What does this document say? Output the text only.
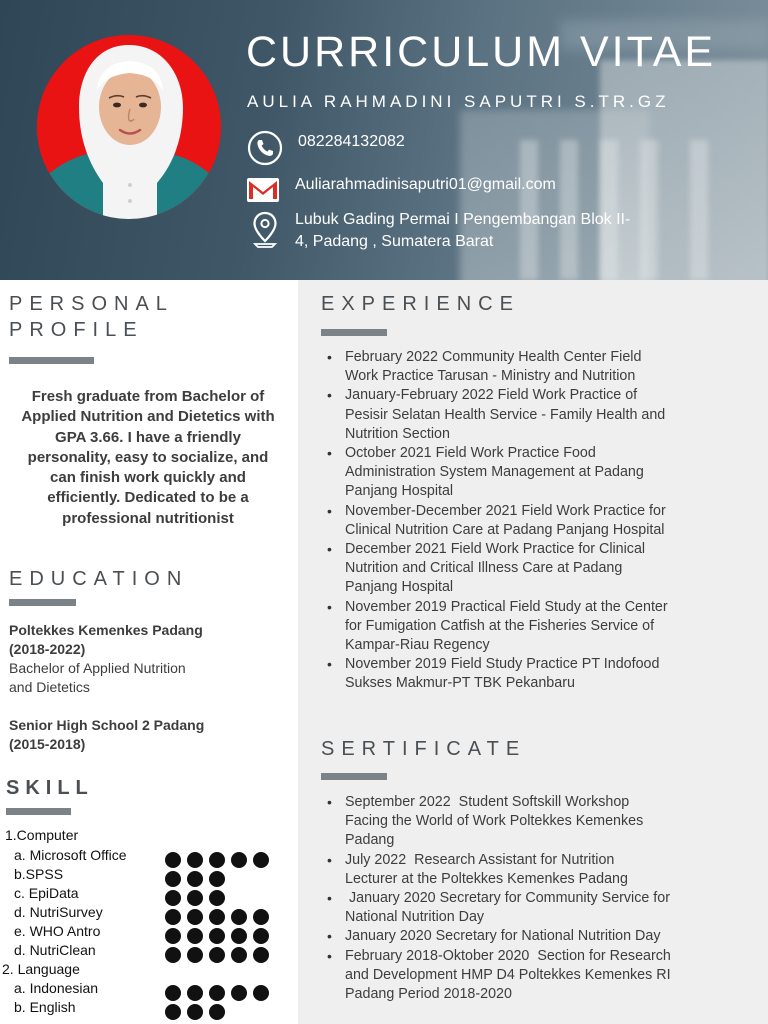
CURRICULUM VITAE
AULIA RAHMADINI SAPUTRI S.TR.GZ
082284132082
Auliarahmadinisaputri01@gmail.com
Lubuk Gading Permai I Pengembangan Blok II-
4, Padang , Sumatera Barat
PERSONAL
PROFILE
Fresh graduate from Bachelor of Applied Nutrition and Dietetics with GPA 3.66. I have a friendly personality, easy to socialize, and can finish work quickly and efficiently. Dedicated to be a professional nutritionist
EDUCATION
Poltekkes Kemenkes Padang
(2018-2022)
Bachelor of Applied Nutrition
and Dietetics
Senior High School 2 Padang
(2015-2018)
SKILL
1.Computer
a. Microsoft Office
b.SPSS
c. EpiData
d. NutriSurvey
e. WHO Antro
d. NutriClean
2. Language
a. Indonesian
b. English
EXPERIENCE
• February 2022 Community Health Center Field
Work Practice Tarusan - Ministry and Nutrition
• January-February 2022 Field Work Practice of
Pesisir Selatan Health Service - Family Health and
Nutrition Section
• October 2021 Field Work Practice Food
Administration System Management at Padang
Panjang Hospital
• November-December 2021 Field Work Practice for
Clinical Nutrition Care at Padang Panjang Hospital
• December 2021 Field Work Practice for Clinical
Nutrition and Critical Illness Care at Padang
Panjang Hospital
• November 2019 Practical Field Study at the Center
for Fumigation Catfish at the Fisheries Service of
Kampar-Riau Regency
• November 2019 Field Study Practice PT Indofood
Sukses Makmur-PT TBK Pekanbaru
SERTIFICATE
• September 2022  Student Softskill Workshop
Facing the World of Work Poltekkes Kemenkes
Padang
• July 2022  Research Assistant for Nutrition
Lecturer at the Poltekkes Kemenkes Padang
•  January 2020 Secretary for Community Service for
National Nutrition Day
• January 2020 Secretary for National Nutrition Day
• February 2018-Oktober 2020  Section for Research
and Development HMP D4 Poltekkes Kemenkes RI
Padang Period 2018-2020
